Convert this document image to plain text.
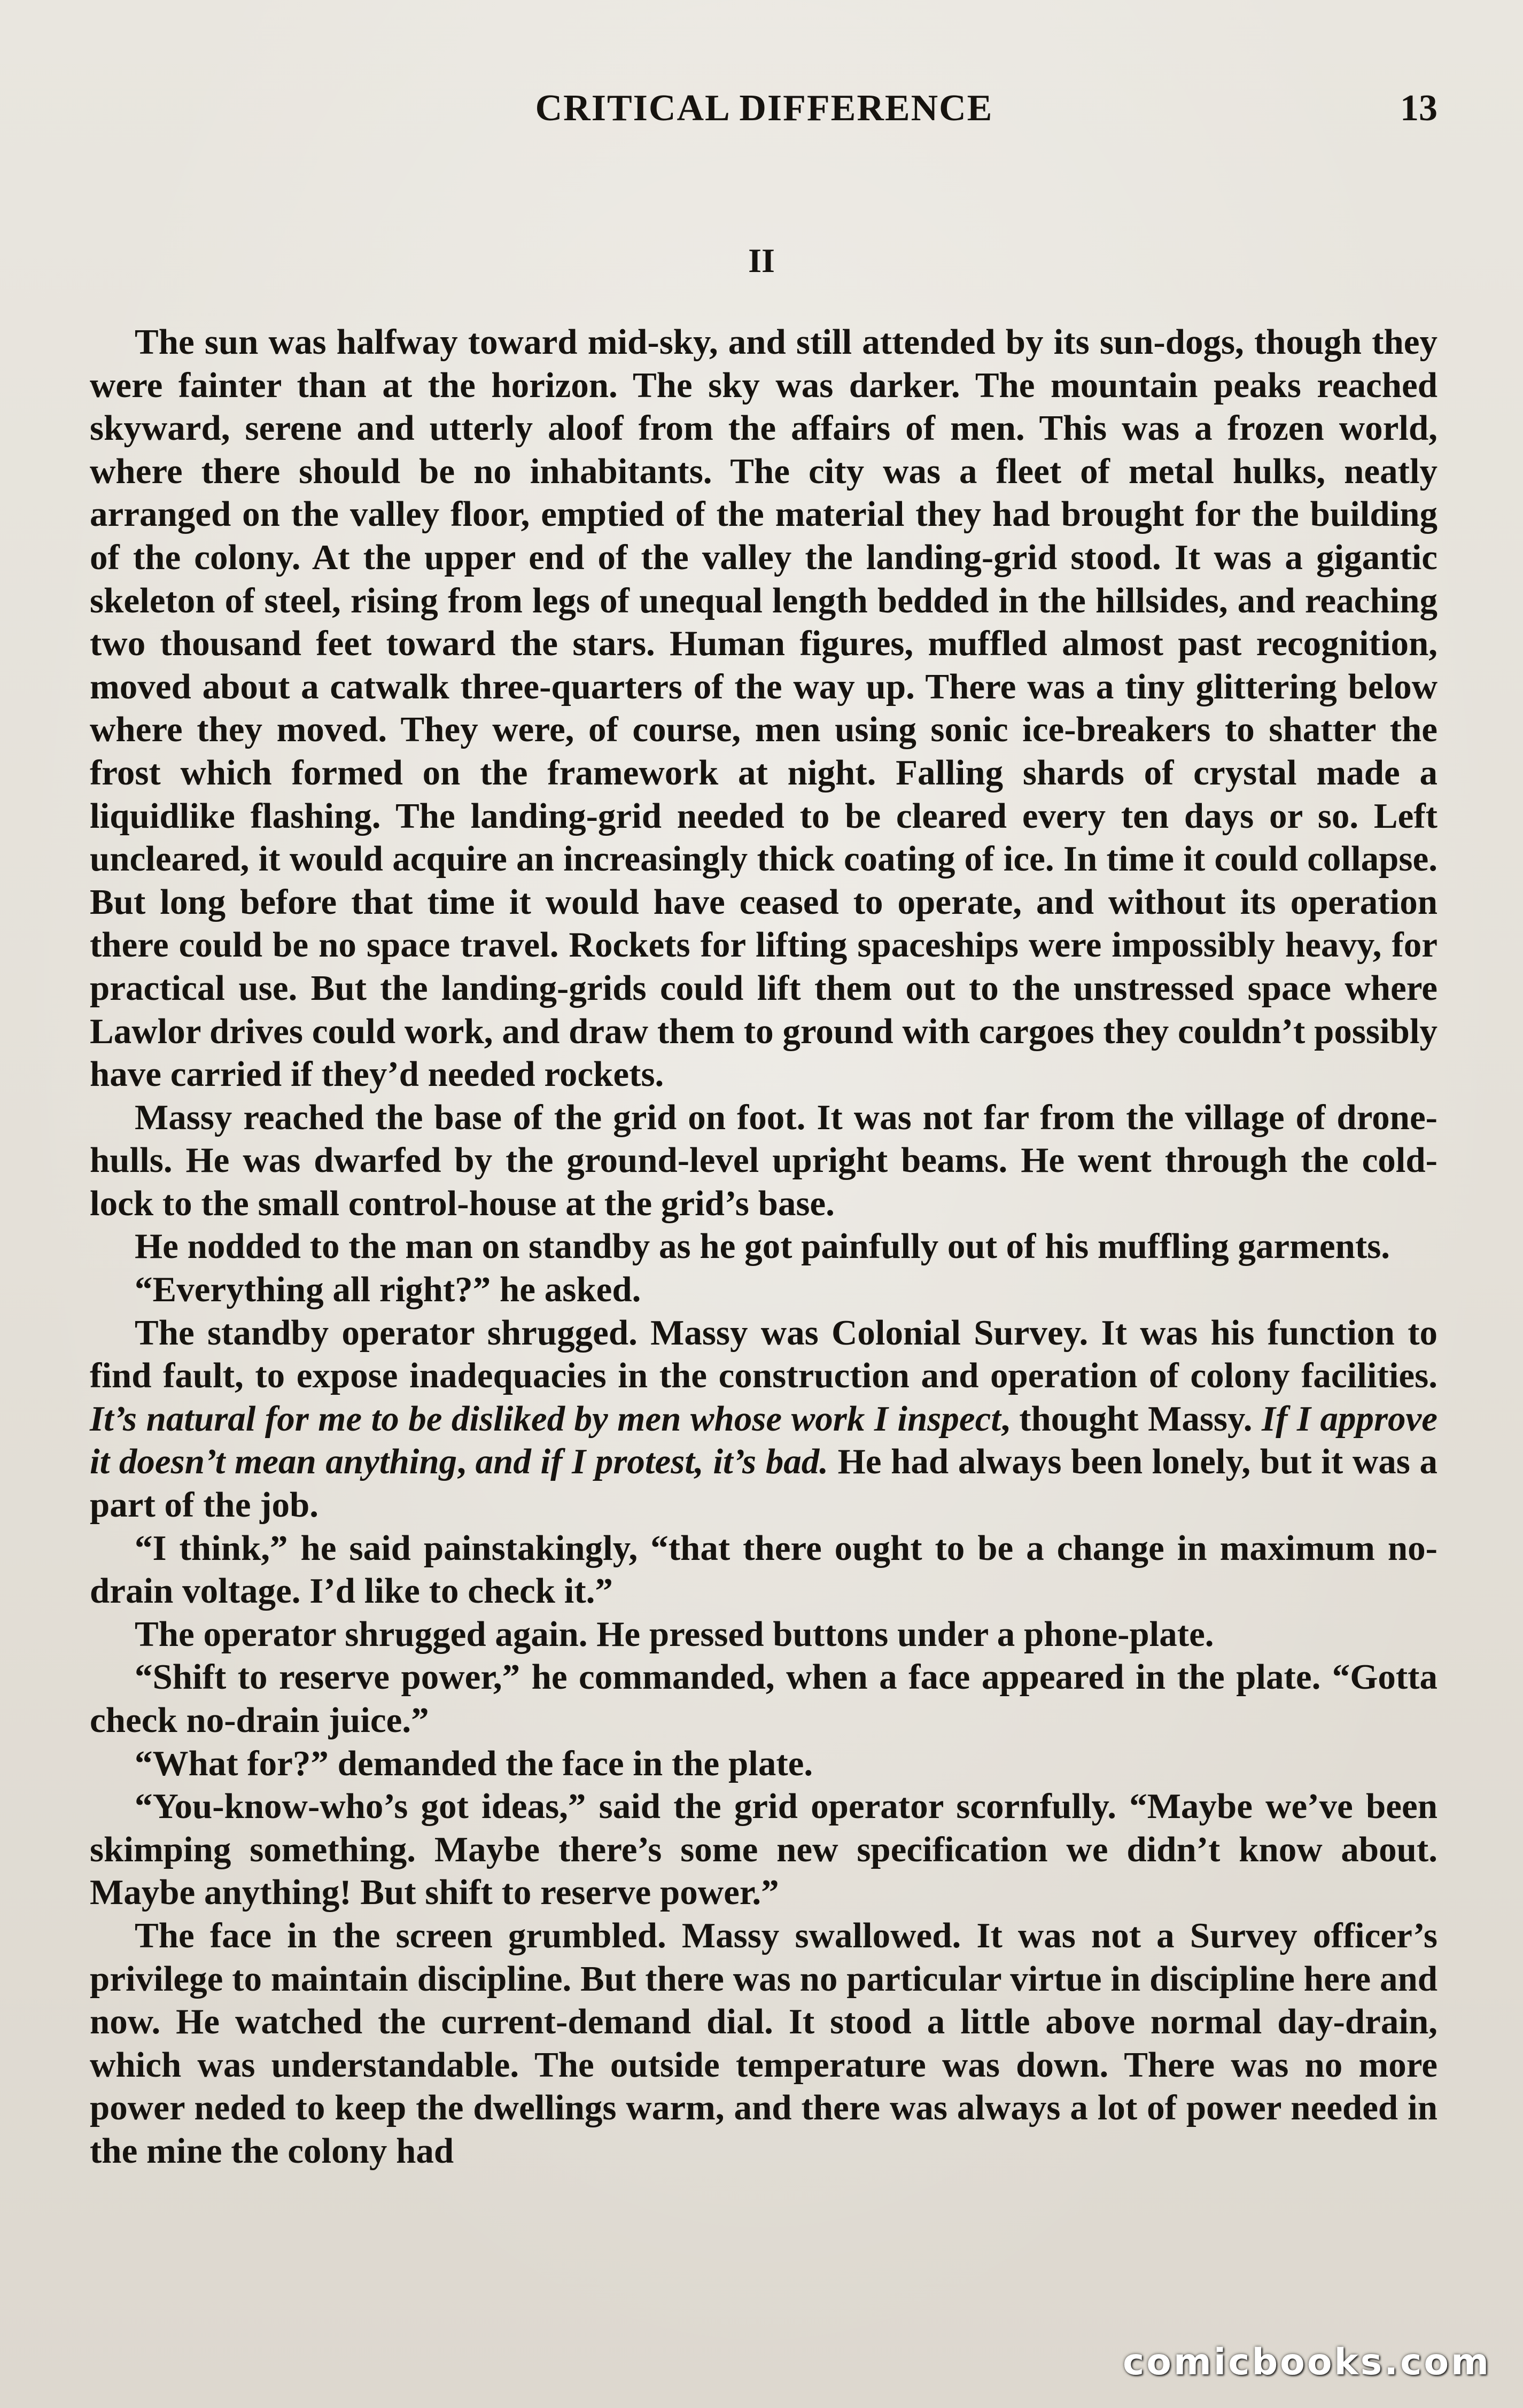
CRITICAL DIFFERENCE	13
II

The sun was halfway toward mid-sky, and still attended by its sun-dogs, though they were fainter than at the horizon. The sky was darker. The mountain peaks reached skyward, serene and utterly aloof from the affairs of men. This was a frozen world, where there should be no inhabitants. The city was a fleet of metal hulks, neatly arranged on the valley floor, emptied of the material they had brought for the building of the colony. At the upper end of the valley the landing-grid stood. It was a gigantic skeleton of steel, rising from legs of unequal length bedded in the hillsides, and reaching two thousand feet toward the stars. Human figures, muffled almost past recognition, moved about a catwalk three-quarters of the way up. There was a tiny glittering below where they moved. They were, of course, men using sonic ice-breakers to shatter the frost which formed on the framework at night. Falling shards of crystal made a liquidlike flashing. The landing-grid needed to be cleared every ten days or so. Left uncleared, it would acquire an increasingly thick coating of ice. In time it could collapse. But long before that time it would have ceased to operate, and without its operation there could be no space travel. Rockets for lifting spaceships were impossibly heavy, for practical use. But the landing-grids could lift them out to the unstressed space where Lawlor drives could work, and draw them to ground with cargoes they couldn’t possibly have carried if they’d needed rockets.

Massy reached the base of the grid on foot. It was not far from the village of drone-hulls. He was dwarfed by the ground-level upright beams. He went through the cold-lock to the small control-house at the grid’s base.

He nodded to the man on standby as he got painfully out of his muffling garments.

“Everything all right?” he asked.

The standby operator shrugged. Massy was Colonial Survey. It was his function to find fault, to expose inadequacies in the construction and operation of colony facilities. It’s natural for me to be disliked by men whose work I inspect, thought Massy. If I approve it doesn’t mean anything, and if I protest, it’s bad. He had always been lonely, but it was a part of the job.

“I think,” he said painstakingly, “that there ought to be a change in maximum no-drain voltage. I’d like to check it.”

The operator shrugged again. He pressed buttons under a phone-plate.

“Shift to reserve power,” he commanded, when a face appeared in the plate. “Gotta check no-drain juice.”

“What for?” demanded the face in the plate.

“You-know-who’s got ideas,” said the grid operator scornfully. “Maybe we’ve been skimping something. Maybe there’s some new specification we didn’t know about. Maybe anything! But shift to reserve power.”

The face in the screen grumbled. Massy swallowed. It was not a Survey officer’s privilege to maintain discipline. But there was no particular virtue in discipline here and now. He watched the current-demand dial. It stood a little above normal day-drain, which was understandable. The outside temperature was down. There was no more power neded to keep the dwellings warm, and there was always a lot of power needed in the mine the colony had

comicbooks.com
